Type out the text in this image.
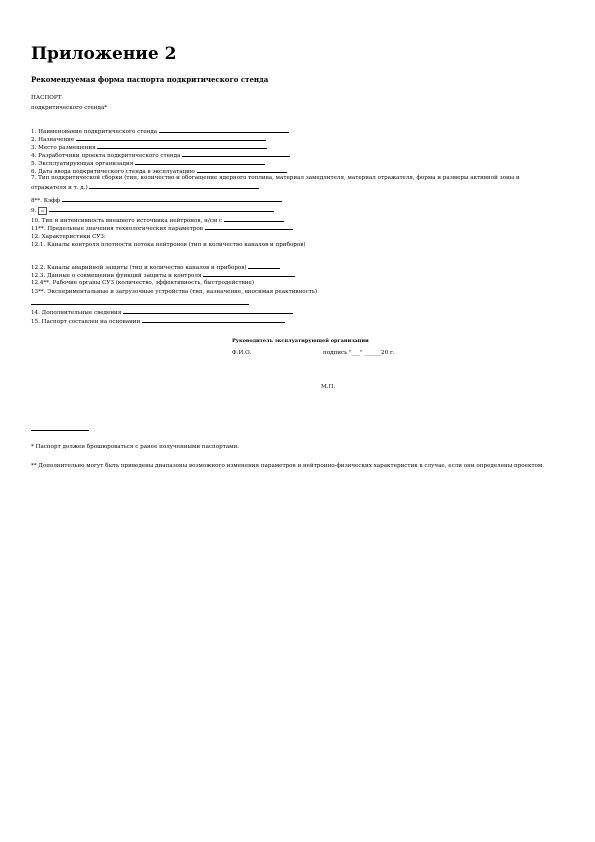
Приложение 2
Рекомендуемая форма паспорта подкритического стенда
ПАСПОРТ
подкритического стенда*
1. Наименование подкритического стенда
2. Назначение
3. Место размещения
4. Разработчики проекта подкритического стенда
5. Эксплуатирующая организация
6. Дата ввода подкритического стенда в эксплуатацию
7. Тип подкритической сборки (тип, количество и обогащение ядерного топлива, материал замедлителя, материал отражателя, форма и размеры активной зоны и отражателя и т. д.)
8**. Кэфф
9. ▫
10. Тип и интенсивность внешнего источника нейтронов, н/см с
11**. Предельные значения технологических параметров
12. Характеристики СУЗ:
12.1. Каналы контроля плотности потока нейтронов (тип и количество каналов и приборов)
12.2. Каналы аварийной защиты (тип и количество каналов и приборов)
12.3. Данные о совмещении функций защиты и контроля
12.4**. Рабочие органы СУЗ (количество, эффективность, быстродействие)
13**. Экспериментальные и загрузочные устройства (тип, назначение, вносимая реактивность)
14. Дополнительные сведения
15. Паспорт составлен на основании
Руководитель эксплуатирующей организации
Ф.И.О.	подпись "___" ______20 г.
М.П.
* Паспорт должен брошюроваться с ранее полученными паспортами.
** Дополнительно могут быть приведены диапазоны возможного изменения параметров и нейтронно-физических характеристик в случае, если они определены проектом.
